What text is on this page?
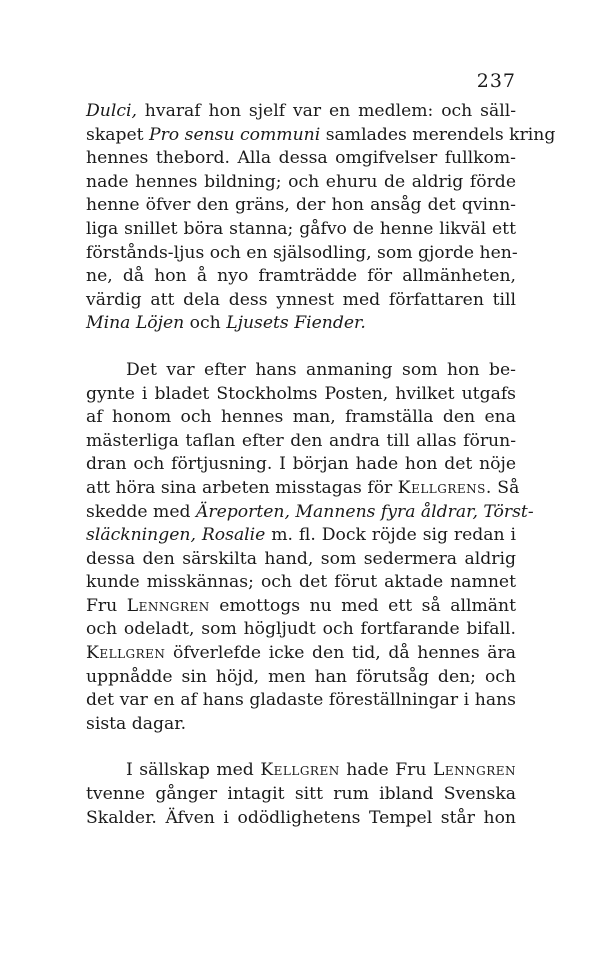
237
Dulci, hvaraf hon sjelf var en medlem: och säll-
skapet Pro sensu communi samlades merendels kring
hennes thebord. Alla dessa omgifvelser fullkom-
nade hennes bildning; och ehuru de aldrig förde
henne öfver den gräns, der hon ansåg det qvinn-
liga snillet böra stanna; gåfvo de henne likväl ett
förstånds-ljus och en själsodling, som gjorde hen-
ne, då hon å nyo framträdde för allmänheten,
värdig att dela dess ynnest med författaren till
Mina Löjen och Ljusets Fiender.
Det var efter hans anmaning som hon be-
gynte i bladet Stockholms Posten, hvilket utgafs
af honom och hennes man, framställa den ena
mästerliga taflan efter den andra till allas förun-
dran och förtjusning. I början hade hon det nöje
att höra sina arbeten misstagas för Kellgrens. Så
skedde med Äreporten, Mannens fyra åldrar, Törst-
släckningen, Rosalie m. fl. Dock röjde sig redan i
dessa den särskilta hand, som sedermera aldrig
kunde misskännas; och det förut aktade namnet
Fru Lenngren emottogs nu med ett så allmänt
och odeladt, som högljudt och fortfarande bifall.
Kellgren öfverlefde icke den tid, då hennes ära
uppnådde sin höjd, men han förutsåg den; och
det var en af hans gladaste föreställningar i hans
sista dagar.
I sällskap med Kellgren hade Fru Lenngren
tvenne gånger intagit sitt rum ibland Svenska
Skalder. Äfven i odödlighetens Tempel står hon
